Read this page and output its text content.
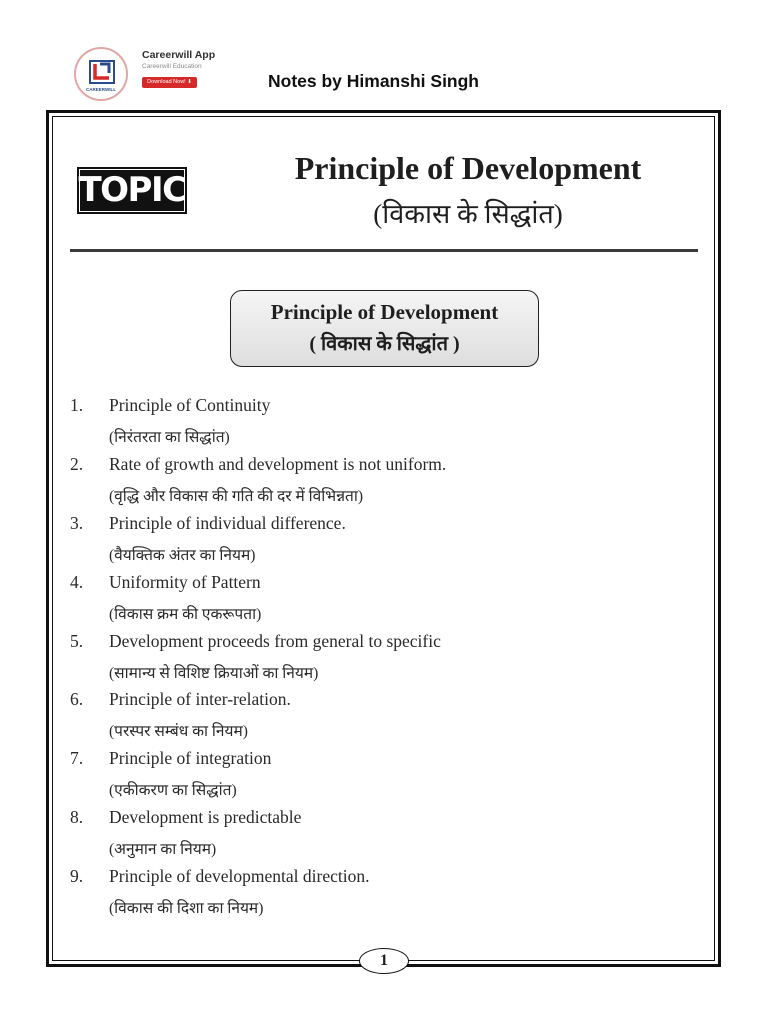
CAREERWILL
Careerwill App
Careerwill Education
Download Now! ⬇	Notes by Himanshi Singh
TOPIC
Principle of Development
(विकास के सिद्धांत)
Principle of Development
( विकास के सिद्धांत )
1. Principle of Continuity
(निरंतरता का सिद्धांत)
2. Rate of growth and development is not uniform.
(वृद्धि और विकास की गति की दर में विभिन्नता)
3. Principle of individual difference.
(वैयक्तिक अंतर का नियम)
4. Uniformity of Pattern
(विकास क्रम की एकरूपता)
5. Development proceeds from general to specific
(सामान्य से विशिष्ट क्रियाओं का नियम)
6. Principle of inter-relation.
(परस्पर सम्बंध का नियम)
7. Principle of integration
(एकीकरण का सिद्धांत)
8. Development is predictable
(अनुमान का नियम)
9. Principle of developmental direction.
(विकास की दिशा का नियम)
1
